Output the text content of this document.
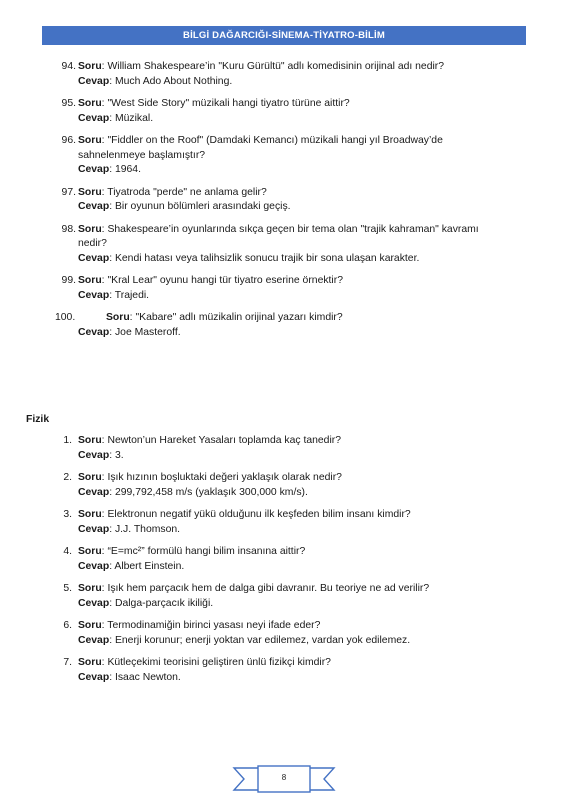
BİLGİ DAĞARCIĞI-SİNEMA-TİYATRO-BİLİM
94. Soru: William Shakespeare’in "Kuru Gürültü" adlı komedisinin orijinal adı nedir?
Cevap: Much Ado About Nothing.
95. Soru: "West Side Story" müzikali hangi tiyatro türüne aittir?
Cevap: Müzikal.
96. Soru: "Fiddler on the Roof" (Damdaki Kemancı) müzikali hangi yıl Broadway’de sahnelenmeye başlamıştır?
Cevap: 1964.
97. Soru: Tiyatroda "perde" ne anlama gelir?
Cevap: Bir oyunun bölümleri arasındaki geçiş.
98. Soru: Shakespeare’in oyunlarında sıkça geçen bir tema olan "trajik kahraman" kavramı nedir?
Cevap: Kendi hatası veya talihsizlik sonucu trajik bir sona ulaşan karakter.
99. Soru: "Kral Lear" oyunu hangi tür tiyatro eserine örnektir?
Cevap: Trajedi.
100.	Soru: "Kabare" adlı müzikalin orijinal yazarı kimdir?
Cevap: Joe Masteroff.
Fizik
1. Soru: Newton’un Hareket Yasaları toplamda kaç tanedir?
Cevap: 3.
2. Soru: Işık hızının boşluktaki değeri yaklaşık olarak nedir?
Cevap: 299,792,458 m/s (yaklaşık 300,000 km/s).
3. Soru: Elektronun negatif yükü olduğunu ilk keşfeden bilim insanı kimdir?
Cevap: J.J. Thomson.
4. Soru: “E=mc²” formülü hangi bilim insanına aittir?
Cevap: Albert Einstein.
5. Soru: Işık hem parçacık hem de dalga gibi davranır. Bu teoriye ne ad verilir?
Cevap: Dalga-parçacık ikiliği.
6. Soru: Termodinamiğin birinci yasası neyi ifade eder?
Cevap: Enerji korunur; enerji yoktan var edilemez, vardan yok edilemez.
7. Soru: Kütleçekimi teorisini geliştiren ünlü fizikçi kimdir?
Cevap: Isaac Newton.
8
